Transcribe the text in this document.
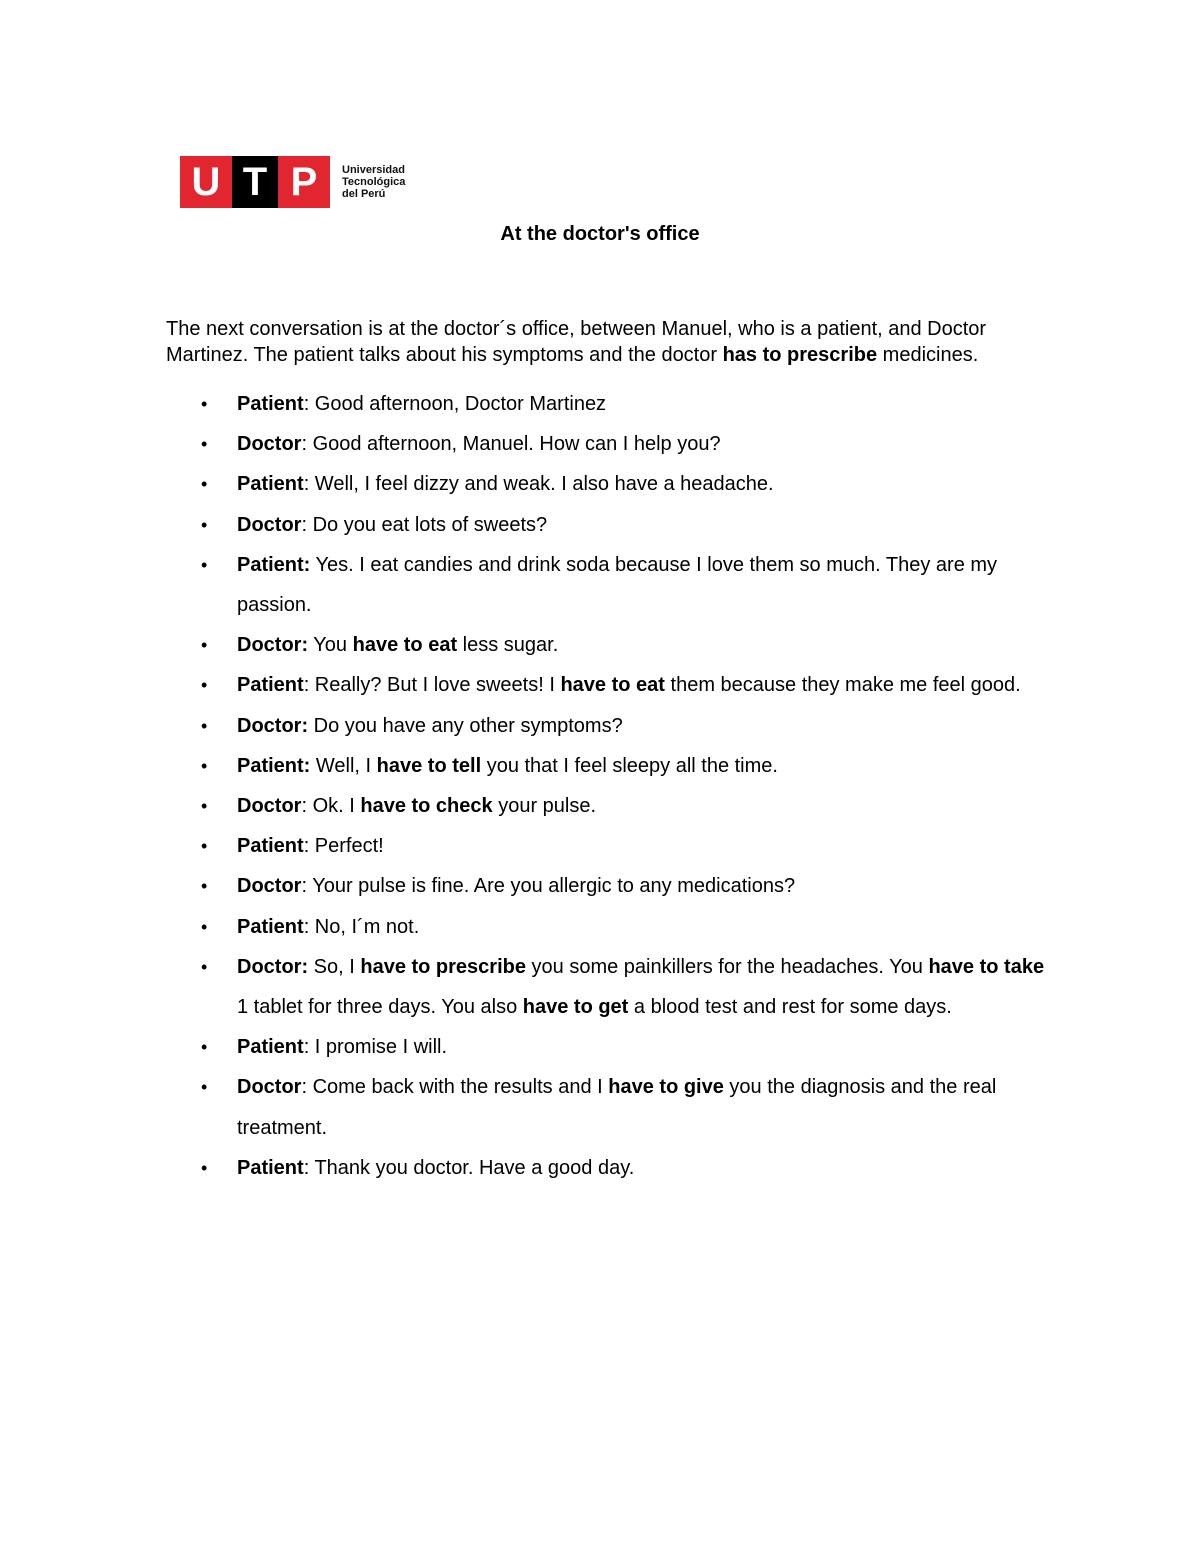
U T P	Universidad
Tecnológica
del Perú
At the doctor's office

The next conversation is at the doctor´s office, between Manuel, who is a patient, and Doctor Martinez. The patient talks about his symptoms and the doctor has to prescribe medicines.

• Patient: Good afternoon, Doctor Martinez
• Doctor: Good afternoon, Manuel. How can I help you?
• Patient: Well, I feel dizzy and weak. I also have a headache.
• Doctor: Do you eat lots of sweets?
• Patient: Yes. I eat candies and drink soda because I love them so much. They are my passion.
• Doctor: You have to eat less sugar.
• Patient: Really? But I love sweets! I have to eat them because they make me feel good.
• Doctor: Do you have any other symptoms?
• Patient: Well, I have to tell you that I feel sleepy all the time.
• Doctor: Ok. I have to check your pulse.
• Patient: Perfect!
• Doctor: Your pulse is fine. Are you allergic to any medications?
• Patient: No, I´m not.
• Doctor: So, I have to prescribe you some painkillers for the headaches. You have to take 1 tablet for three days. You also have to get a blood test and rest for some days.
• Patient: I promise I will.
• Doctor: Come back with the results and I have to give you the diagnosis and the real treatment.
• Patient: Thank you doctor. Have a good day.
